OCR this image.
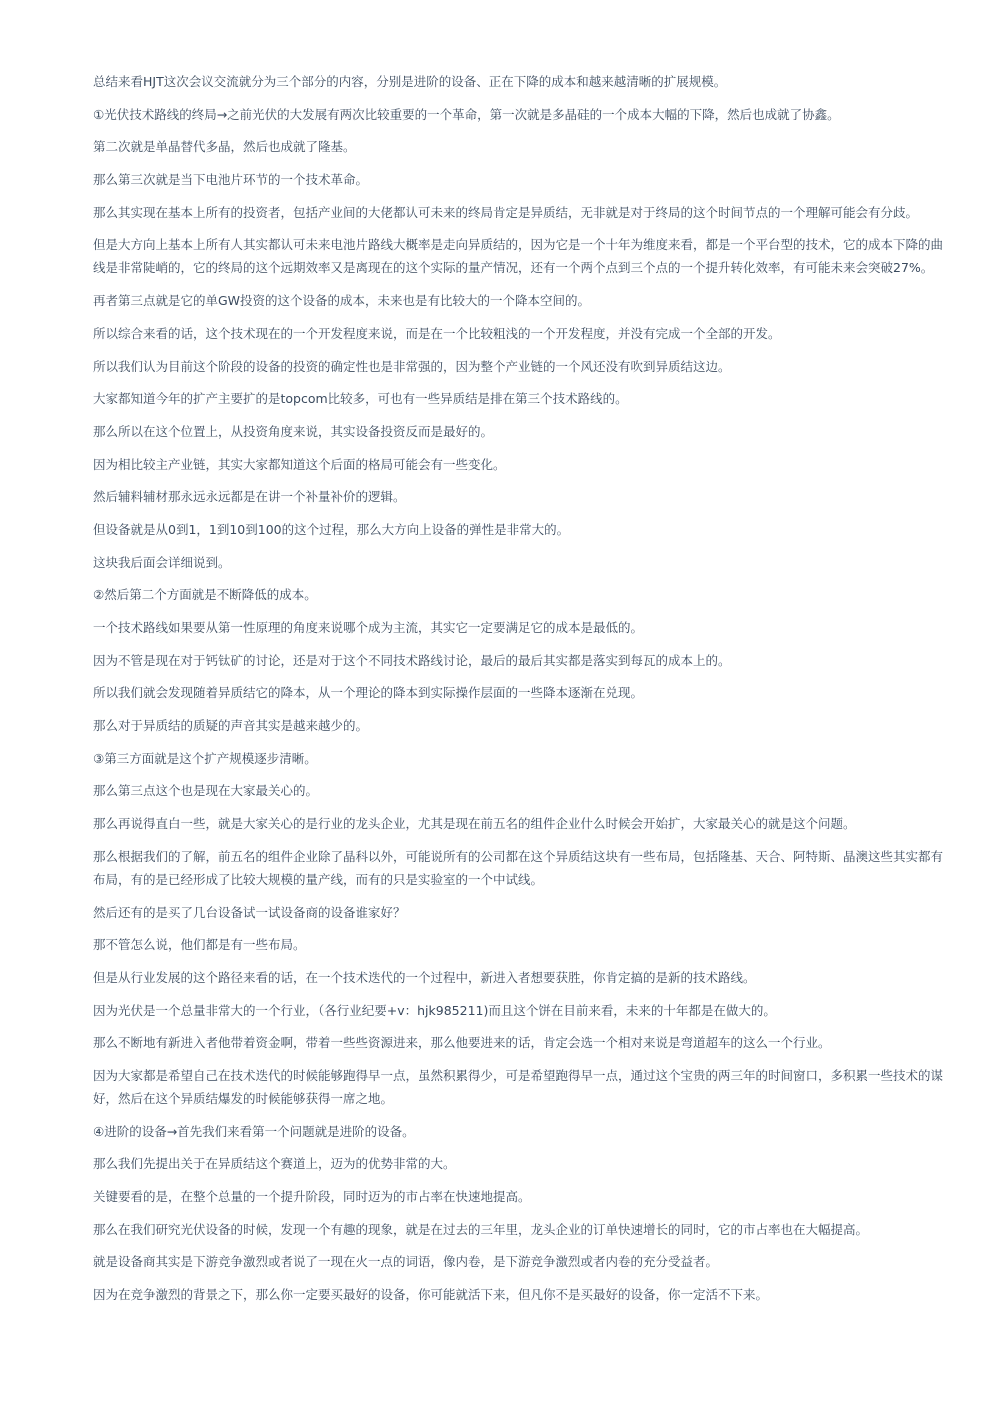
总结来看HJT这次会议交流就分为三个部分的内容，分别是进阶的设备、正在下降的成本和越来越清晰的扩展规模。

①光伏技术路线的终局→之前光伏的大发展有两次比较重要的一个革命，第一次就是多晶硅的一个成本大幅的下降，然后也成就了协鑫。

第二次就是单晶替代多晶，然后也成就了隆基。

那么第三次就是当下电池片环节的一个技术革命。

那么其实现在基本上所有的投资者，包括产业间的大佬都认可未来的终局肯定是异质结，无非就是对于终局的这个时间节点的一个理解可能会有分歧。

但是大方向上基本上所有人其实都认可未来电池片路线大概率是走向异质结的，因为它是一个十年为维度来看，都是一个平台型的技术，它的成本下降的曲线是非常陡峭的，它的终局的这个远期效率又是离现在的这个实际的量产情况，还有一个两个点到三个点的一个提升转化效率，有可能未来会突破27%。

再者第三点就是它的单GW投资的这个设备的成本，未来也是有比较大的一个降本空间的。

所以综合来看的话，这个技术现在的一个开发程度来说，而是在一个比较粗浅的一个开发程度，并没有完成一个全部的开发。

所以我们认为目前这个阶段的设备的投资的确定性也是非常强的，因为整个产业链的一个风还没有吹到异质结这边。

大家都知道今年的扩产主要扩的是topcom比较多，可也有一些异质结是排在第三个技术路线的。

那么所以在这个位置上，从投资角度来说，其实设备投资反而是最好的。

因为相比较主产业链，其实大家都知道这个后面的格局可能会有一些变化。

然后辅料辅材那永远永远都是在讲一个补量补价的逻辑。

但设备就是从0到1，1到10到100的这个过程，那么大方向上设备的弹性是非常大的。

这块我后面会详细说到。

②然后第二个方面就是不断降低的成本。

一个技术路线如果要从第一性原理的角度来说哪个成为主流，其实它一定要满足它的成本是最低的。

因为不管是现在对于钙钛矿的讨论，还是对于这个不同技术路线讨论，最后的最后其实都是落实到每瓦的成本上的。

所以我们就会发现随着异质结它的降本，从一个理论的降本到实际操作层面的一些降本逐渐在兑现。

那么对于异质结的质疑的声音其实是越来越少的。

③第三方面就是这个扩产规模逐步清晰。

那么第三点这个也是现在大家最关心的。

那么再说得直白一些，就是大家关心的是行业的龙头企业，尤其是现在前五名的组件企业什么时候会开始扩，大家最关心的就是这个问题。

那么根据我们的了解，前五名的组件企业除了晶科以外，可能说所有的公司都在这个异质结这块有一些布局，包括隆基、天合、阿特斯、晶澳这些其实都有布局，有的是已经形成了比较大规模的量产线，而有的只是实验室的一个中试线。

然后还有的是买了几台设备试一试设备商的设备谁家好？

那不管怎么说，他们都是有一些布局。

但是从行业发展的这个路径来看的话，在一个技术迭代的一个过程中，新进入者想要获胜，你肯定搞的是新的技术路线。

因为光伏是一个总量非常大的一个行业，（各行业纪要+v：hjk985211)而且这个饼在目前来看，未来的十年都是在做大的。

那么不断地有新进入者他带着资金啊，带着一些些资源进来，那么他要进来的话，肯定会选一个相对来说是弯道超车的这么一个行业。

因为大家都是希望自己在技术迭代的时候能够跑得早一点，虽然积累得少，可是希望跑得早一点，通过这个宝贵的两三年的时间窗口，多积累一些技术的谋好，然后在这个异质结爆发的时候能够获得一席之地。

④进阶的设备→首先我们来看第一个问题就是进阶的设备。

那么我们先提出关于在异质结这个赛道上，迈为的优势非常的大。

关键要看的是，在整个总量的一个提升阶段，同时迈为的市占率在快速地提高。

那么在我们研究光伏设备的时候，发现一个有趣的现象，就是在过去的三年里，龙头企业的订单快速增长的同时，它的市占率也在大幅提高。

就是设备商其实是下游竞争激烈或者说了一现在火一点的词语，像内卷，是下游竞争激烈或者内卷的充分受益者。

因为在竞争激烈的背景之下，那么你一定要买最好的设备，你可能就活下来，但凡你不是买最好的设备，你一定活不下来。
